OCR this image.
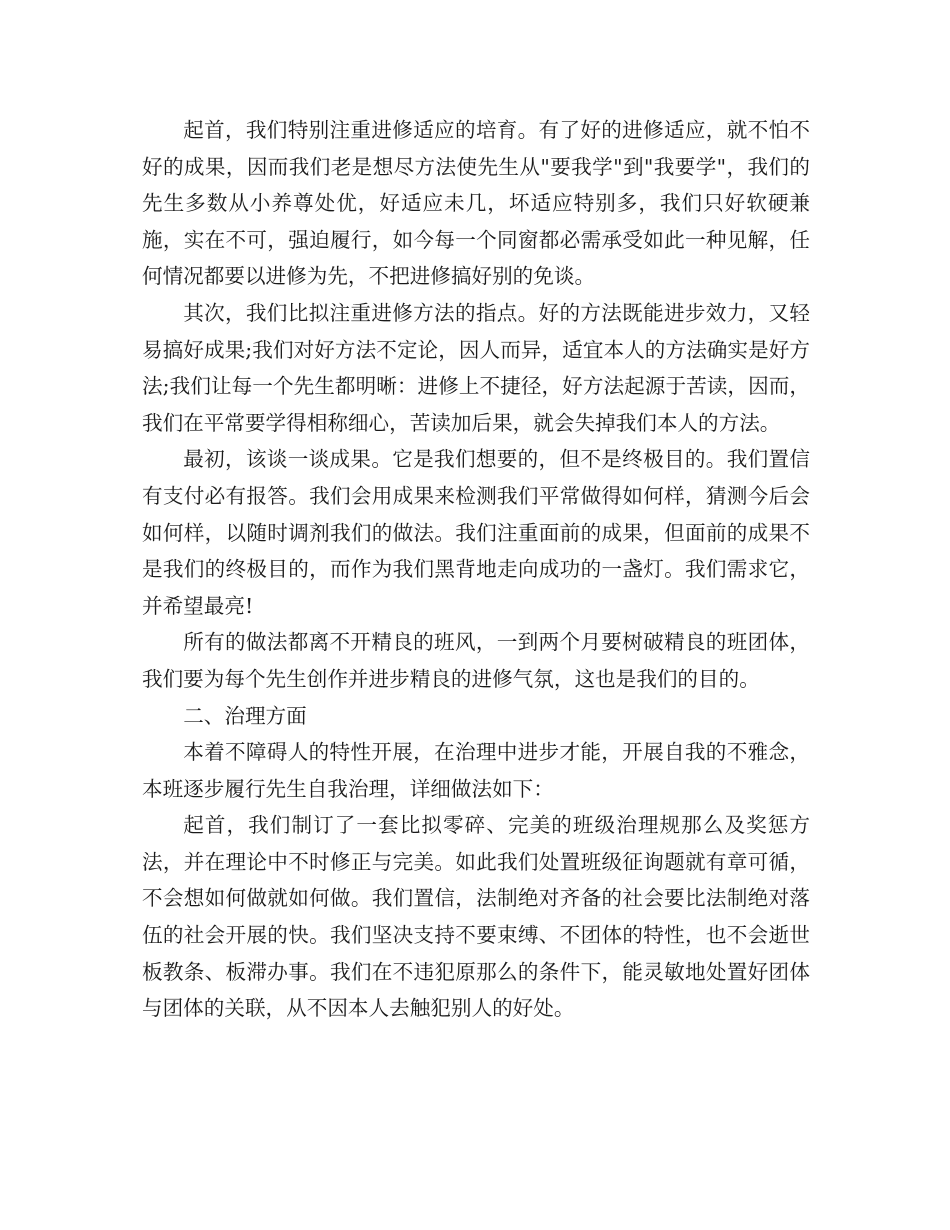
起首，我们特别注重进修适应的培育。有了好的进修适应，就不怕不好的成果，因而我们老是想尽方法使先生从"要我学"到"我要学"，我们的先生多数从小养尊处优，好适应未几，坏适应特别多，我们只好软硬兼施，实在不可，强迫履行，如今每一个同窗都必需承受如此一种见解，任何情况都要以进修为先，不把进修搞好别的免谈。

其次，我们比拟注重进修方法的指点。好的方法既能进步效力，又轻易搞好成果;我们对好方法不定论，因人而异，适宜本人的方法确实是好方法;我们让每一个先生都明晰：进修上不捷径，好方法起源于苦读，因而，我们在平常要学得相称细心，苦读加后果，就会失掉我们本人的方法。

最初，该谈一谈成果。它是我们想要的，但不是终极目的。我们置信有支付必有报答。我们会用成果来检测我们平常做得如何样，猜测今后会如何样，以随时调剂我们的做法。我们注重面前的成果，但面前的成果不是我们的终极目的，而作为我们黑背地走向成功的一盏灯。我们需求它，并希望最亮!

所有的做法都离不开精良的班风，一到两个月要树破精良的班团体，我们要为每个先生创作并进步精良的进修气氛，这也是我们的目的。

二、治理方面

本着不障碍人的特性开展，在治理中进步才能，开展自我的不雅念，本班逐步履行先生自我治理，详细做法如下：

起首，我们制订了一套比拟零碎、完美的班级治理规那么及奖惩方法，并在理论中不时修正与完美。如此我们处置班级征询题就有章可循，不会想如何做就如何做。我们置信，法制绝对齐备的社会要比法制绝对落伍的社会开展的快。我们坚决支持不要束缚、不团体的特性，也不会逝世板教条、板滞办事。我们在不违犯原那么的条件下，能灵敏地处置好团体与团体的关联，从不因本人去触犯别人的好处。
